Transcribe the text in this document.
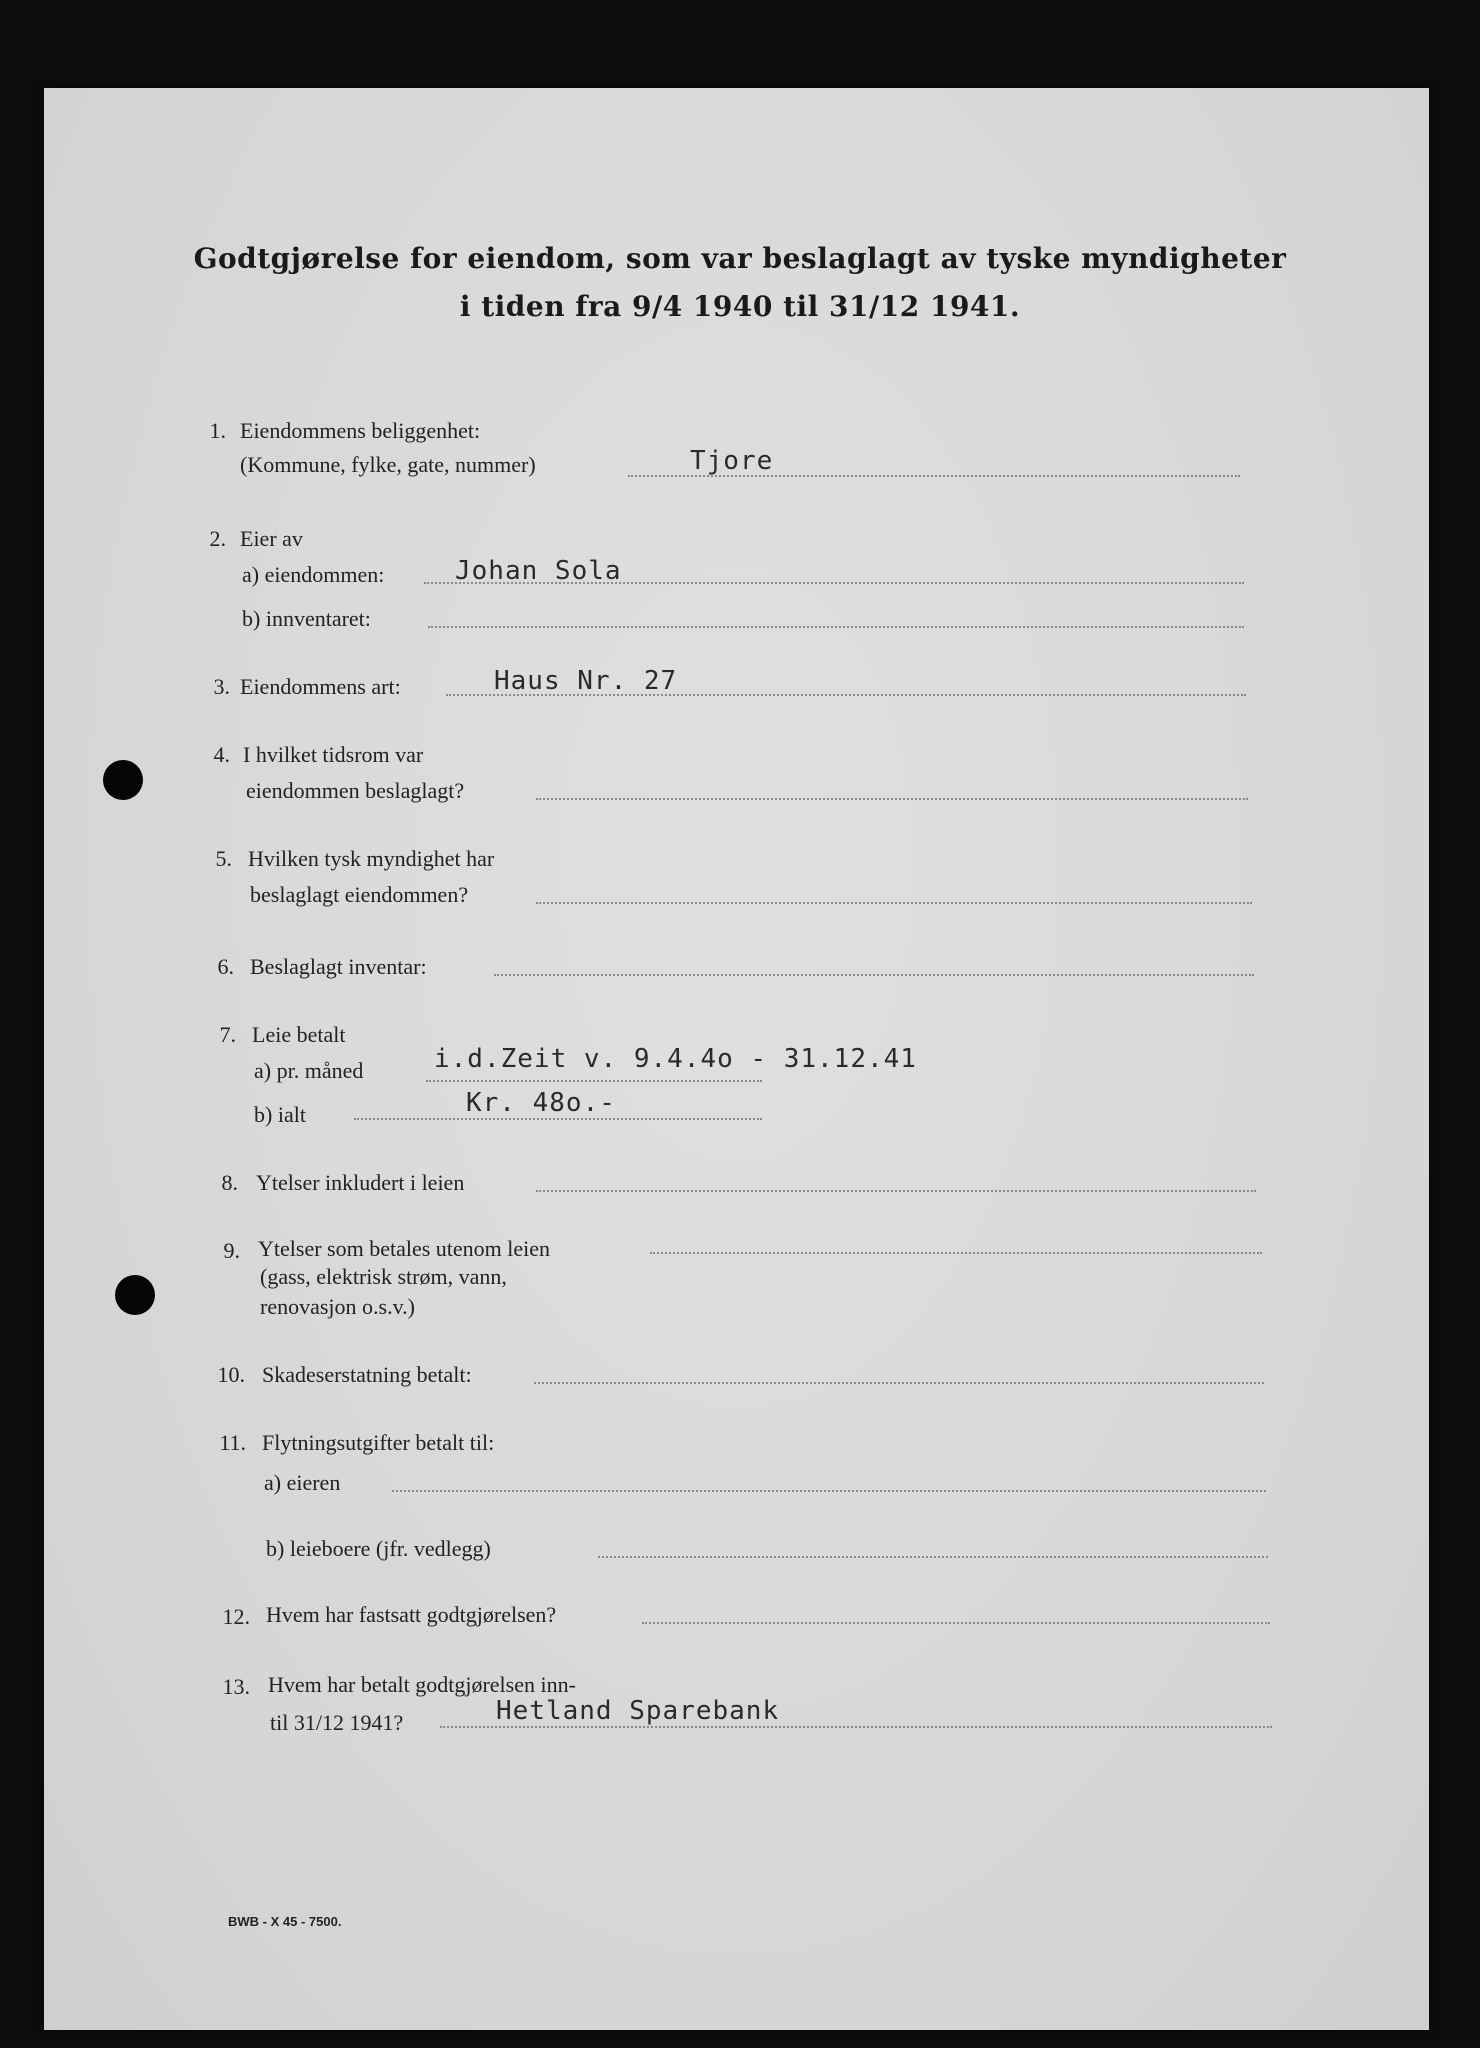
Godtgjørelse for eiendom, som var beslaglagt av tyske myndigheter
i tiden fra 9/4 1940 til 31/12 1941.
1. Eiendommens beliggenhet:
(Kommune, fylke, gate, nummer)	Tjore
2. Eier av
a) eiendommen:	Johan Sola
b) innventaret:
3. Eiendommens art:	Haus Nr. 27
4. I hvilket tidsrom var
eiendommen beslaglagt?
5. Hvilken tysk myndighet har
beslaglagt eiendommen?
6. Beslaglagt inventar:
7. Leie betalt
a) pr. måned	i.d.Zeit v. 9.4.4o - 31.12.41
b) ialt	Kr. 48o.-
8. Ytelser inkludert i leien
9. Ytelser som betales utenom leien
(gass, elektrisk strøm, vann,
renovasjon o.s.v.)
10. Skadeserstatning betalt:
11. Flytningsutgifter betalt til:
a) eieren
b) leieboere (jfr. vedlegg)
12. Hvem har fastsatt godtgjørelsen?
13. Hvem har betalt godtgjørelsen inn-
til 31/12 1941?	Hetland Sparebank
BWB - X 45 - 7500.
